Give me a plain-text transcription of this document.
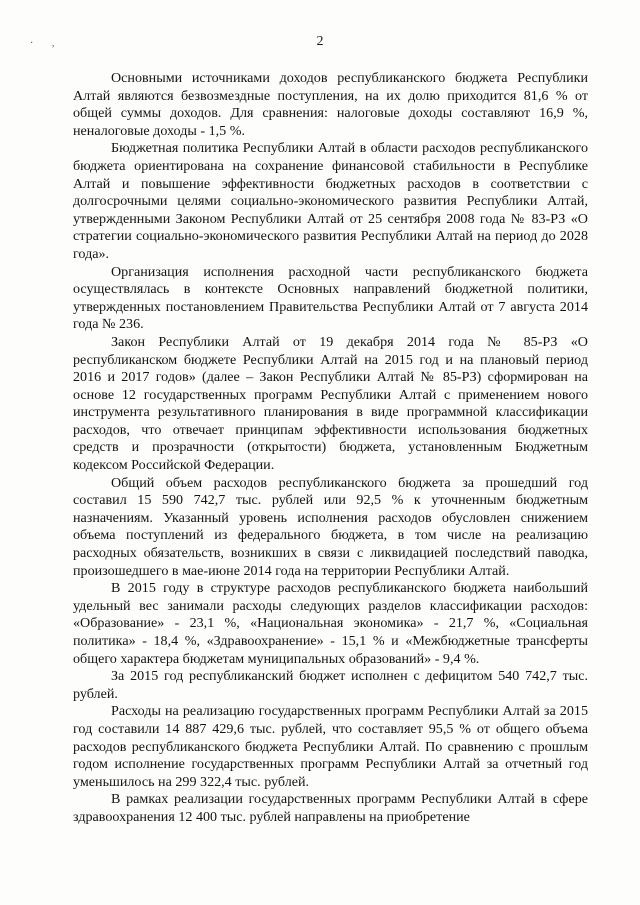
· ,	2

Основными источниками доходов республиканского бюджета Республики Алтай являются безвозмездные поступления, на их долю приходится 81,6 % от общей суммы доходов. Для сравнения: налоговые доходы составляют 16,9 %, неналоговые доходы - 1,5 %.

Бюджетная политика Республики Алтай в области расходов республиканского бюджета ориентирована на сохранение финансовой стабильности в Республике Алтай и повышение эффективности бюджетных расходов в соответствии с долгосрочными целями социально-экономического развития Республики Алтай, утвержденными Законом Республики Алтай от 25 сентября 2008 года № 83-РЗ «О стратегии социально-экономического развития Республики Алтай на период до 2028 года».

Организация исполнения расходной части республиканского бюджета осуществлялась в контексте Основных направлений бюджетной политики, утвержденных постановлением Правительства Республики Алтай от 7 августа 2014 года № 236.

Закон Республики Алтай от 19 декабря 2014 года № 85-РЗ «О республиканском бюджете Республики Алтай на 2015 год и на плановый период 2016 и 2017 годов» (далее – Закон Республики Алтай № 85-РЗ) сформирован на основе 12 государственных программ Республики Алтай с применением нового инструмента результативного планирования в виде программной классификации расходов, что отвечает принципам эффективности использования бюджетных средств и прозрачности (открытости) бюджета, установленным Бюджетным кодексом Российской Федерации.

Общий объем расходов республиканского бюджета за прошедший год составил 15 590 742,7 тыс. рублей или 92,5 % к уточненным бюджетным назначениям. Указанный уровень исполнения расходов обусловлен снижением объема поступлений из федерального бюджета, в том числе на реализацию расходных обязательств, возникших в связи с ликвидацией последствий паводка, произошедшего в мае-июне 2014 года на территории Республики Алтай.

В 2015 году в структуре расходов республиканского бюджета наибольший удельный вес занимали расходы следующих разделов классификации расходов: «Образование» - 23,1 %, «Национальная экономика» - 21,7 %, «Социальная политика» - 18,4 %, «Здравоохранение» - 15,1 % и «Межбюджетные трансферты общего характера бюджетам муниципальных образований» - 9,4 %.

За 2015 год республиканский бюджет исполнен с дефицитом 540 742,7 тыс. рублей.

Расходы на реализацию государственных программ Республики Алтай за 2015 год составили 14 887 429,6 тыс. рублей, что составляет 95,5 % от общего объема расходов республиканского бюджета Республики Алтай. По сравнению с прошлым годом исполнение государственных программ Республики Алтай за отчетный год уменьшилось на 299 322,4 тыс. рублей.

В рамках реализации государственных программ Республики Алтай в сфере здравоохранения 12 400 тыс. рублей направлены на приобретение
